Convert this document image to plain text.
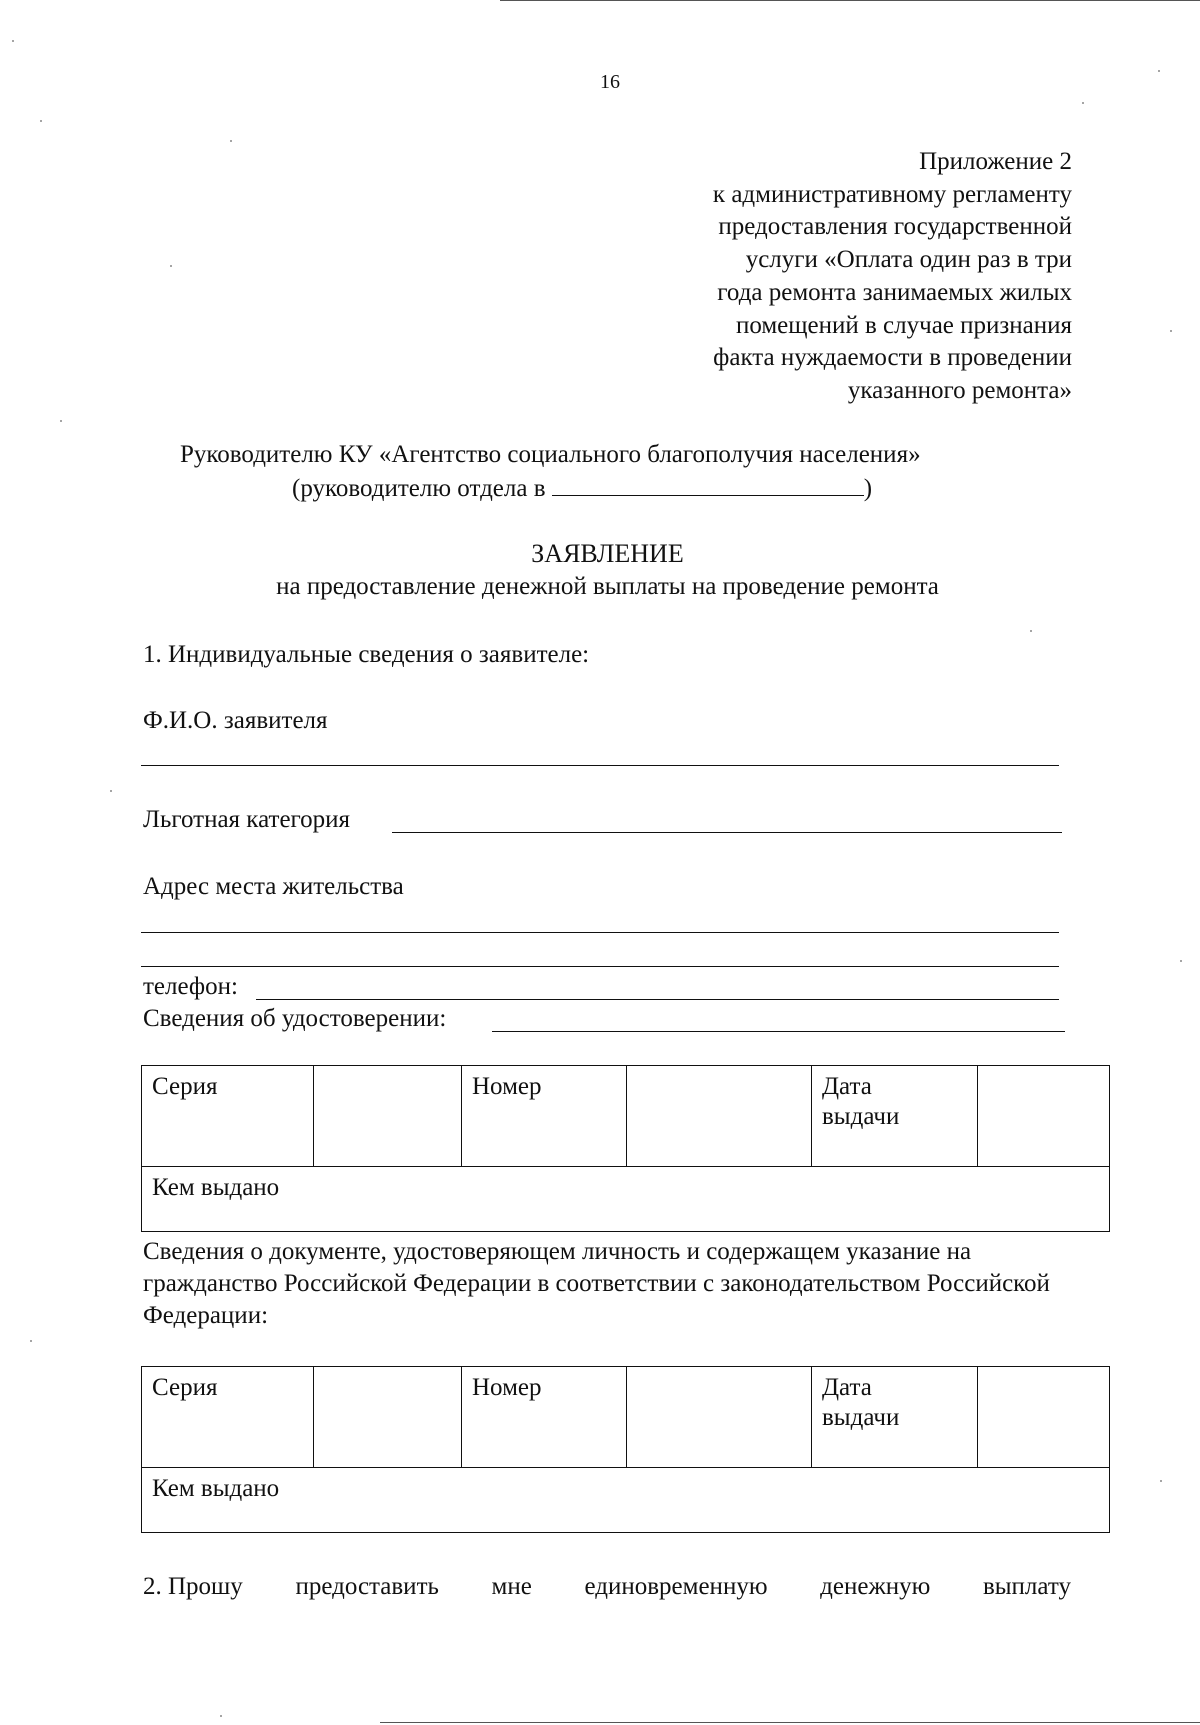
16
Приложение 2
к административному регламенту
предоставления государственной
услуги «Оплата один раз в три
года ремонта занимаемых жилых
помещений в случае признания
факта нуждаемости в проведении
указанного ремонта»
Руководителю КУ «Агентство социального благополучия населения»
(руководителю отдела в	)
ЗАЯВЛЕНИЕ
на предоставление денежной выплаты на проведение ремонта
1. Индивидуальные сведения о заявителе:
Ф.И.О. заявителя
Льготная категория
Адрес места жительства
телефон:
Сведения об удостоверении:
Серия		Номер		Дата
выдачи

Кем выдано
Сведения о документе, удостоверяющем личность и содержащем указание на гражданство Российской Федерации в соответствии с законодательством Российской Федерации:
Серия		Номер		Дата
выдачи

Кем выдано
2. Прошу предоставить мне единовременную денежную выплату
